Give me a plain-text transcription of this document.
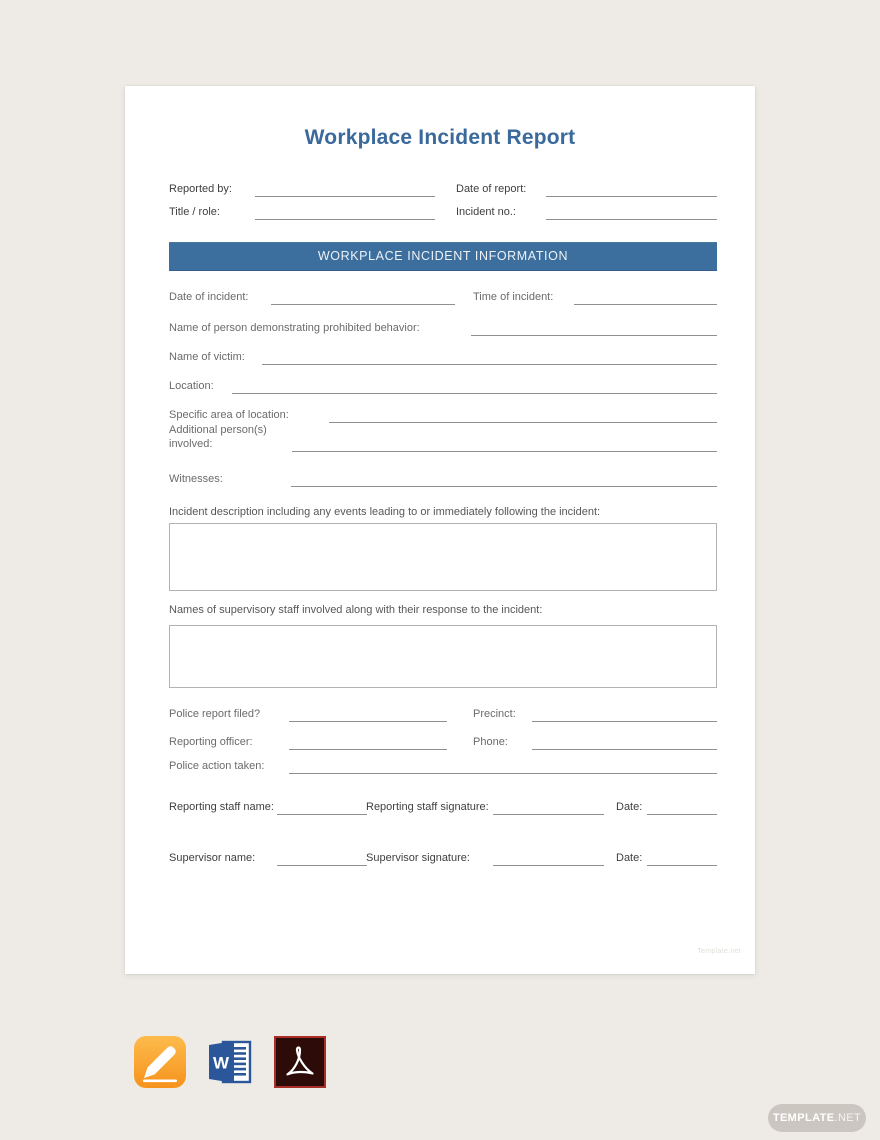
Workplace Incident Report
Reported by:	Date of report:
Title / role:	Incident no.:
WORKPLACE INCIDENT INFORMATION
Date of incident:	Time of incident:
Name of person demonstrating prohibited behavior:
Name of victim:
Location:
Specific area of location:
Additional person(s) involved:
Witnesses:
Incident description including any events leading to or immediately following the incident:
Names of supervisory staff involved along with their response to the incident:
Police report filed?	Precinct:
Reporting officer:	Phone:
Police action taken:
Reporting staff name:	Reporting staff signature:	Date:
Supervisor name:	Supervisor signature:	Date:
Template.net
W
TEMPLATE .NET
